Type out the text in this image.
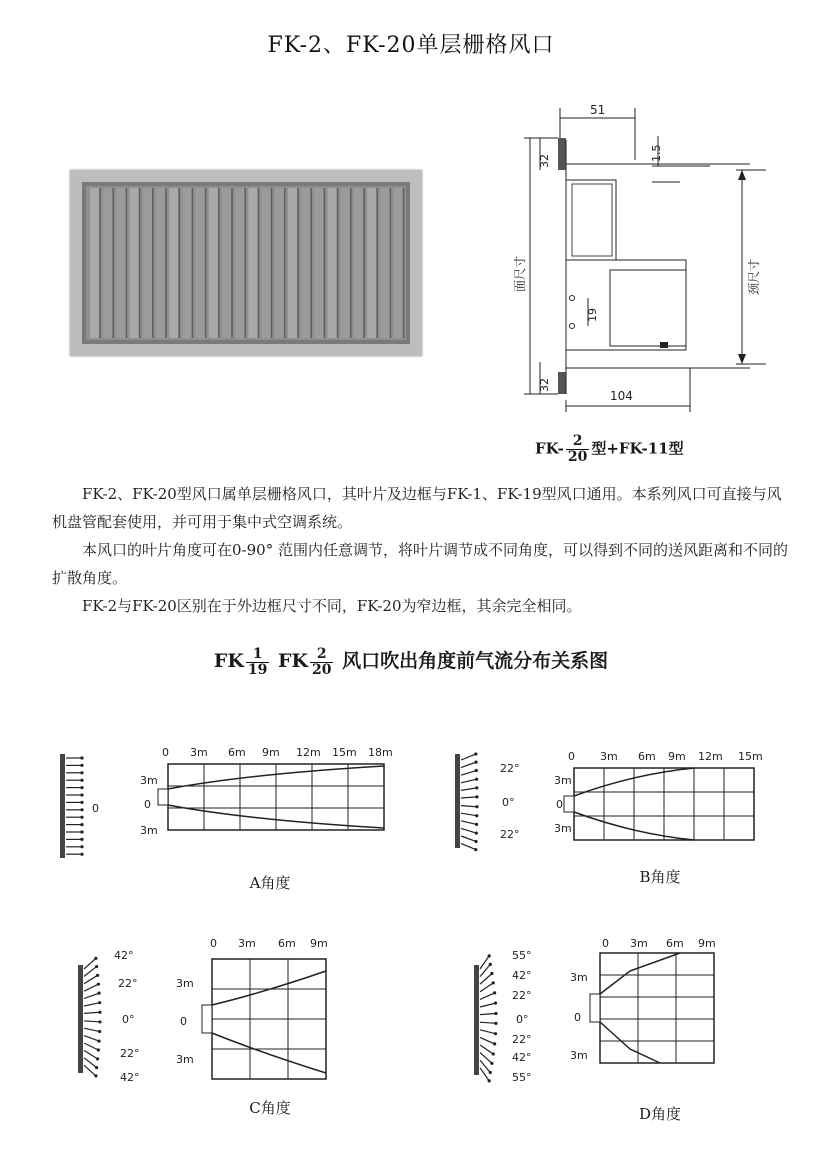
FK-2、FK-20单层栅格风口
51
1.5
19
32
32
面尺寸	颈尺寸
104
$FK- \frac{2}{20}$ 型+FK-11型
FK-2、FK-20型风口属单层栅格风口，其叶片及边框与FK-1、FK-19型风口通用。本系列风口可直接与风机盘管配套使用，并可用于集中式空调系统。
本风口的叶片角度可在0-90° 范围内任意调节，将叶片调节成不同角度，可以得到不同的送风距离和不同的扩散角度。
FK-2与FK-20区别在于外边框尺寸不同，FK-20为窄边框，其余完全相同。
FK $\frac{1}{19}$ FK $\frac{2}{20}$ 风口吹出角度前气流分布关系图
0
0 3m 6m 9m 12m 15m 18m
3m
0
3m
A角度
22°
0°
22°
0 3m 6m 9m 12m 15m
3m
0
3m
B角度
42°
22°
0°
22°
42°
0 3m 6m 9m
3m
0
3m
C角度
55°
42°
22°
0°
22°
42°
55°
0 3m 6m 9m
3m
0
3m
D角度
